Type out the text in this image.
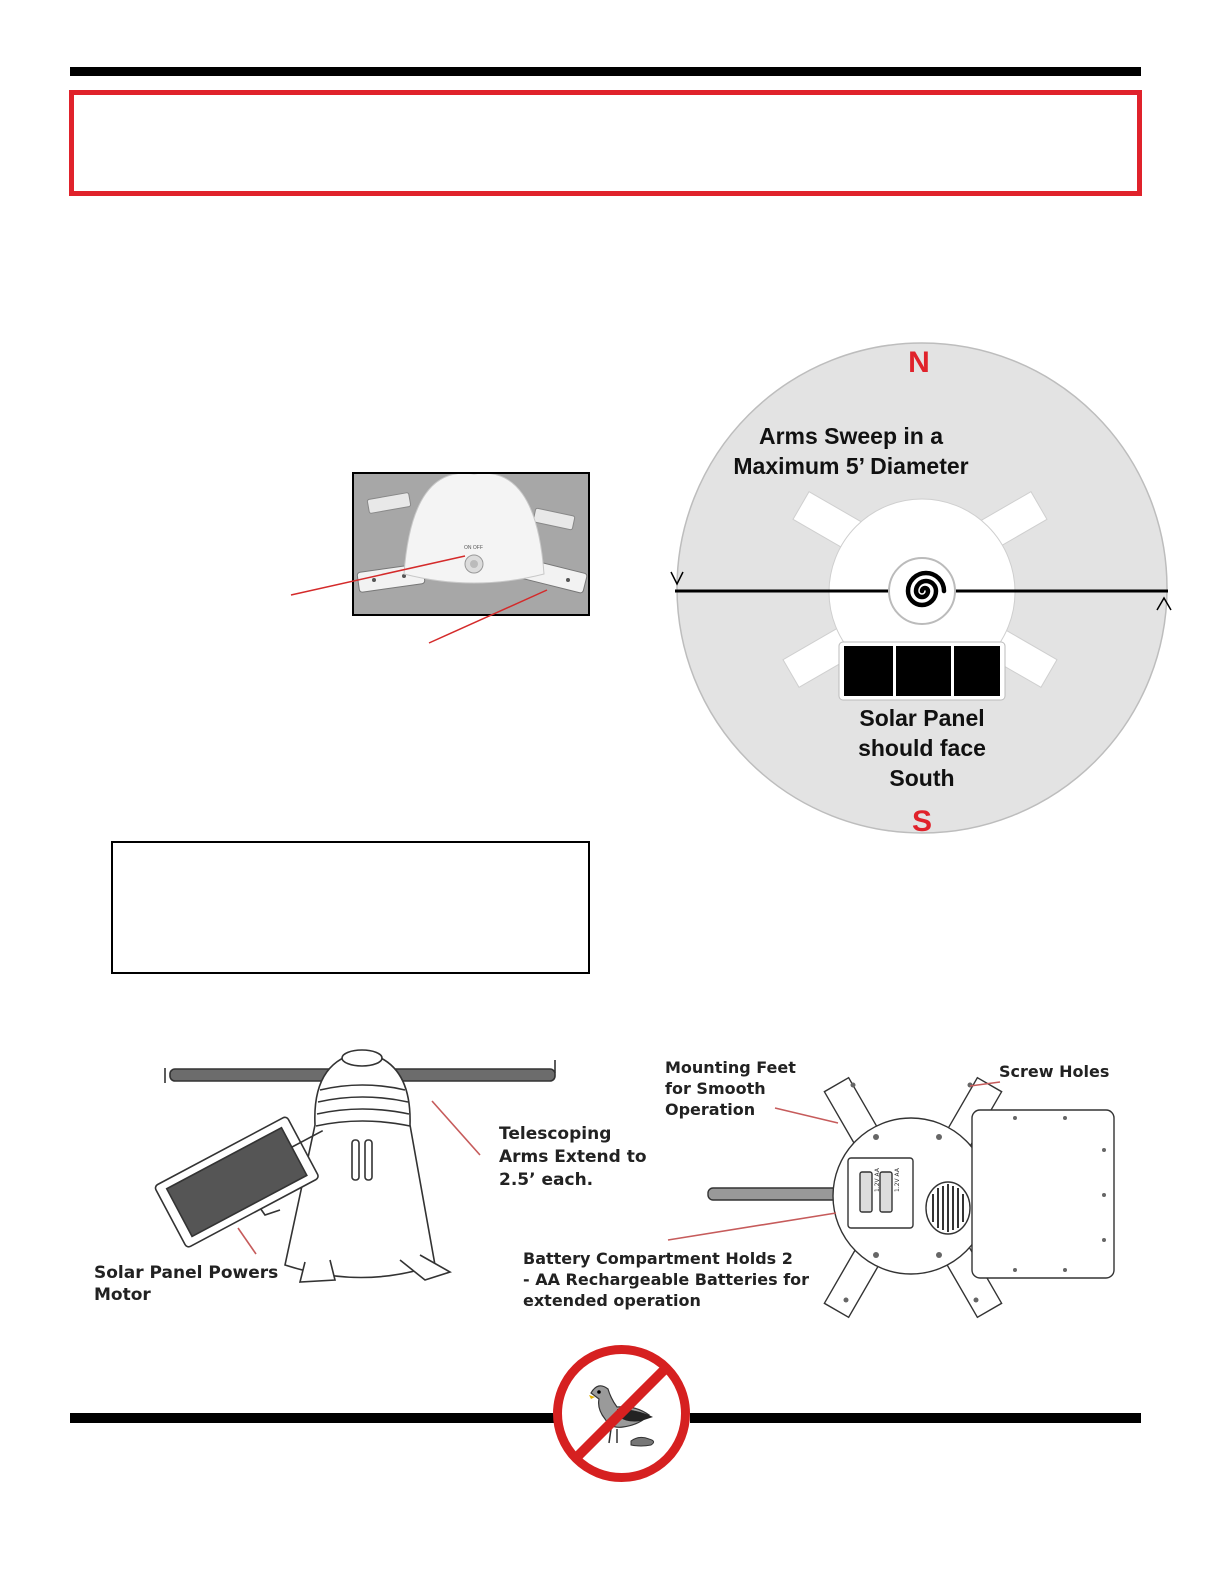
ON OFF
N
S
Arms Sweep in a
Maximum 5’ Diameter
Solar Panel
should face
South
Telescoping
Arms Extend to
2.5’ each.
Solar Panel Powers
Motor
1.2V AA 1.2V AA
Mounting Feet
for Smooth
Operation
Screw Holes
Battery Compartment Holds 2
- AA Rechargeable Batteries for
extended operation
